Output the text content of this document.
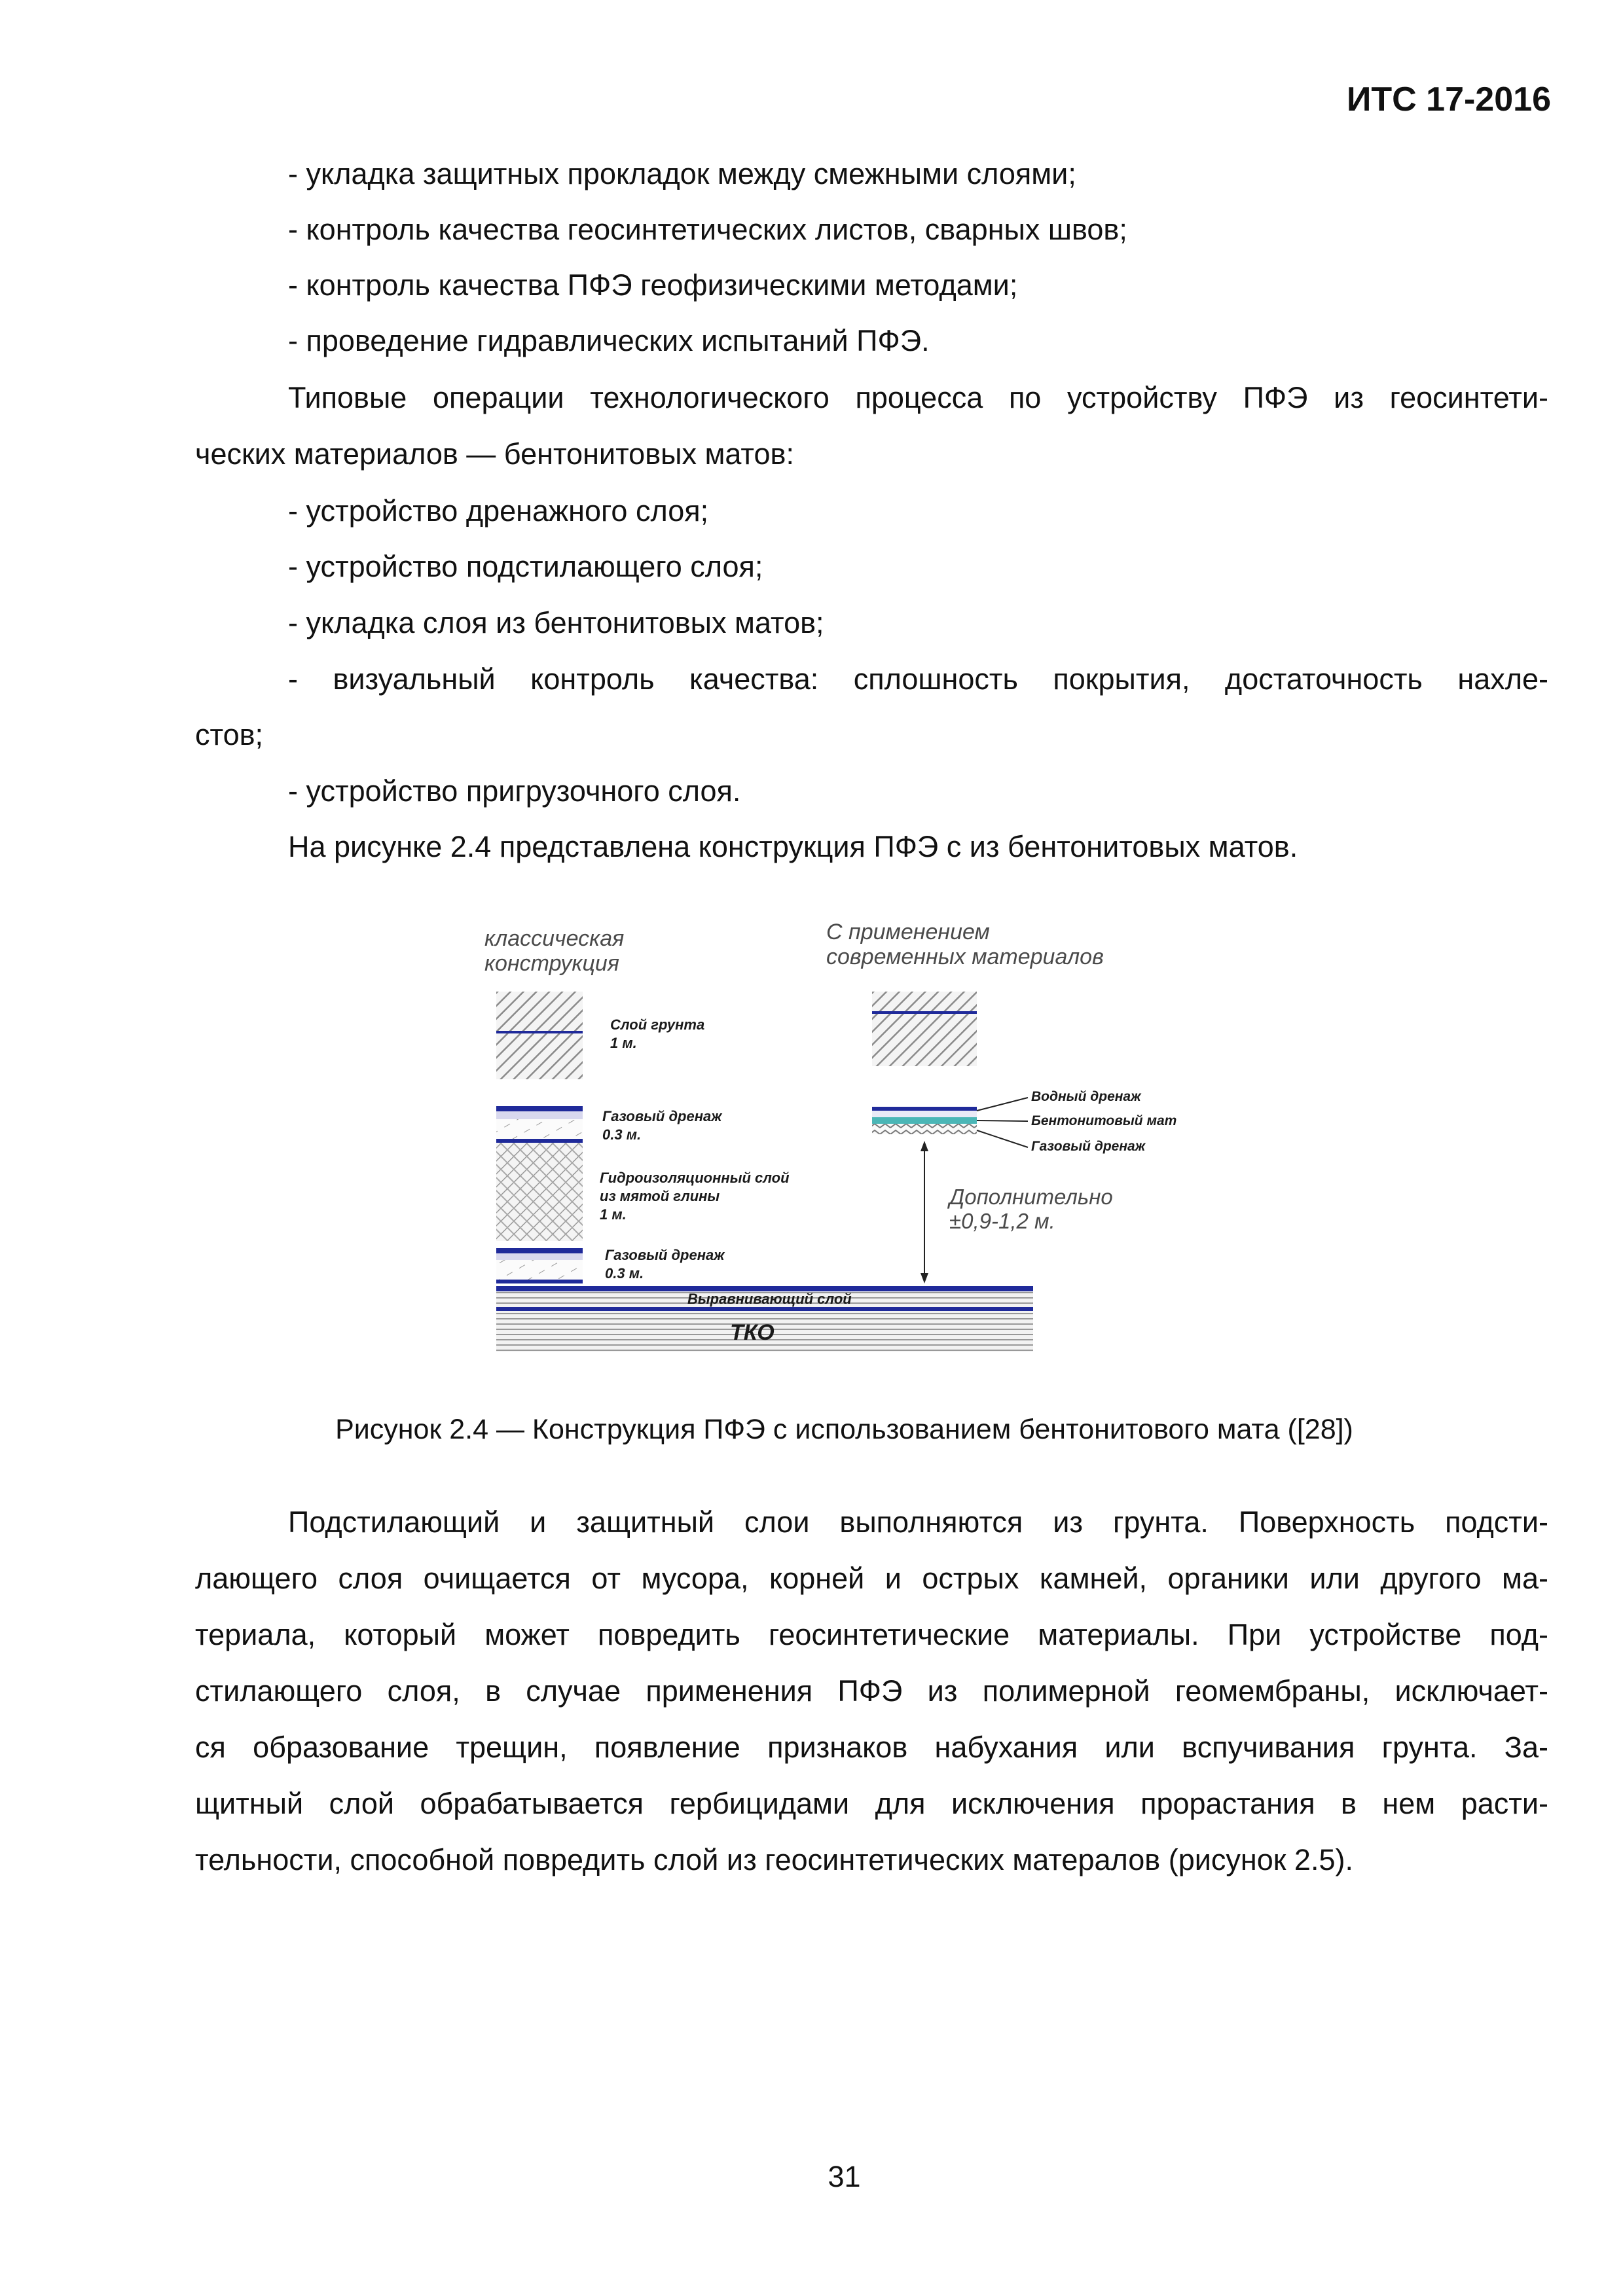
ИТС 17-2016
- укладка защитных прокладок между смежными слоями;
- контроль качества геосинтетических листов, сварных швов;
- контроль качества ПФЭ геофизическими методами;
- проведение гидравлических испытаний ПФЭ.
Типовые операции технологического процесса по устройству ПФЭ из геосинтети-
ческих материалов — бентонитовых матов:
- устройство дренажного слоя;
- устройство подстилающего слоя;
- укладка слоя из бентонитовых матов;
- визуальный контроль качества: сплошность покрытия, достаточность нахле-
стов;
- устройство пригрузочного слоя.
На рисунке 2.4 представлена конструкция ПФЭ с из бентонитовых матов.
классическая
конструкция
С применением
современных материалов
Слой грунта
1 м.
Газовый дренаж
0.3 м.
Гидроизоляционный слой
из мятой глины
1 м.
Газовый дренаж
0.3 м.
Выравнивающий слой
ТКО
Водный дренаж
Бентонитовый мат
Газовый дренаж
Дополнительно
±0,9-1,2 м.
Рисунок 2.4 — Конструкция ПФЭ с использованием бентонитового мата ([28])
Подстилающий и защитный слои выполняются из грунта. Поверхность подсти-
лающего слоя очищается от мусора, корней и острых камней, органики или другого ма-
териала, который может повредить геосинтетические материалы. При устройстве под-
стилающего слоя, в случае применения ПФЭ из полимерной геомембраны, исключает-
ся образование трещин, появление признаков набухания или вспучивания грунта. За-
щитный слой обрабатывается гербицидами для исключения прорастания в нем расти-
тельности, способной повредить слой из геосинтетических матералов (рисунок 2.5).
31
